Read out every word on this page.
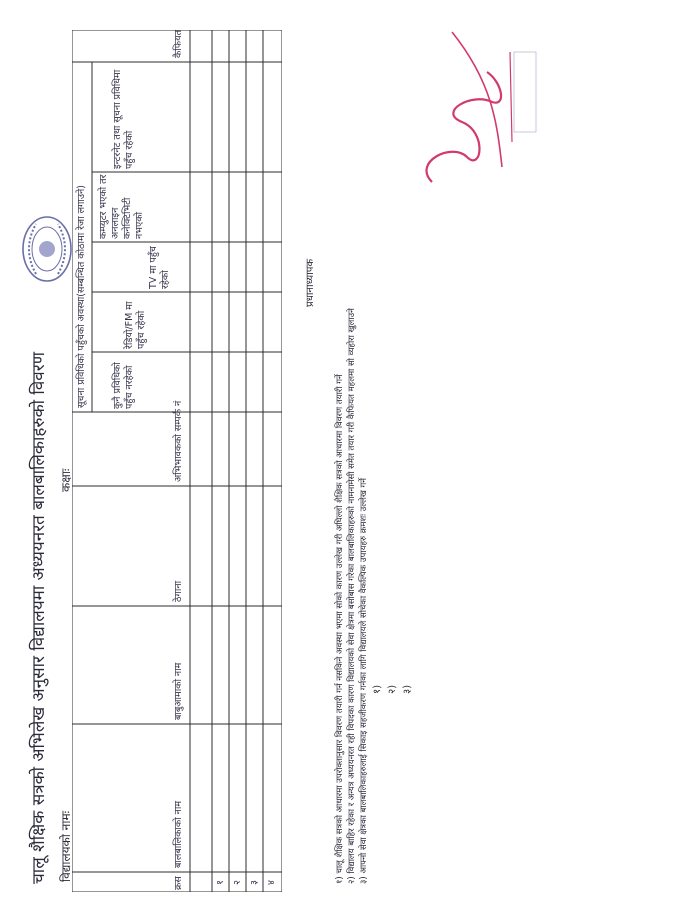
चालू शैक्षिक सत्रको अभिलेख अनुसार विद्यालयमा अध्ययनरत बालबालिकाहरुको विवरण विद्यालयको नामः
कक्षाः
क्रस
बालबालिकाको नाम
बाबुआमाको नाम
ठेगाना
अभिभावकको सम्पर्क नं
सूचना प्रविधिको पहुँचको अवस्था(सम्बन्धित कोठामा रेजा लगाउने)	कुनै प्रविधिको पहुँच नरहेको
रेडियो/FM मा पहुँच रहेको
TV मा पहुँच रहेको
कम्प्युटर भएको तर अनलाइन कनेक्टिभिटी नभएको
इन्टरनेट तथा सूचना प्रविधिमा पहुँच रहेको
कैफियत
१ २ ३ ४
प्रधानाध्यापक
१) चालू शैक्षिक सत्रको आधारमा उपरोक्तानुसार विवरण तयारी गर्न नसकिने अवस्था भएमा सोको कारण उल्लेख गरी अघिल्लो शैक्षिक सत्रको आधारमा विवरण तयारी गर्ने २) विद्यालय बाहिर रहेका र अन्यत्र अध्ययनरत रही विपदका कारण विद्यालयको सेवा क्षेत्रमा बसोबास गरेका बालबालिकाहरुको नामनामेसी समेत तयार गरी कैफियत महलमा सो व्यहोरा खुलाउने ३) आफ्नो सेवा क्षेत्रका बालबालिकाहरुलाई सिकाइ सहजीकरण गर्नका लागि विद्यालयले सोचेका वैकल्पिक उपायहरु क्रमशः उल्लेख गर्ने १) २) ३)
